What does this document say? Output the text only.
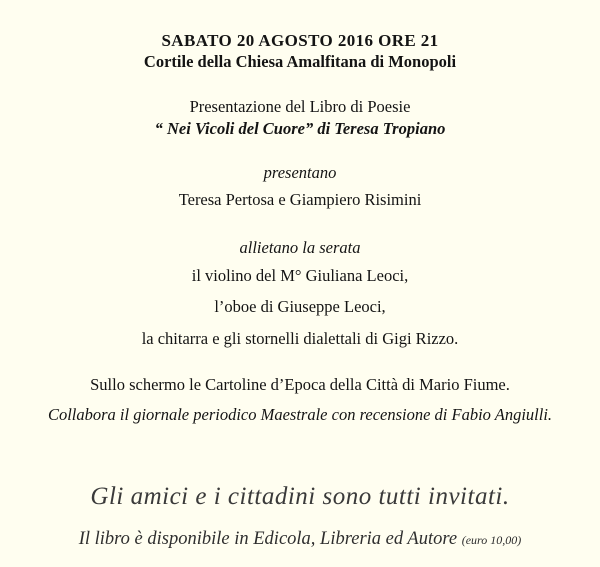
SABATO 20 AGOSTO 2016 ORE 21
Cortile della Chiesa Amalfitana di Monopoli
Presentazione del Libro di Poesie
“ Nei Vicoli del Cuore” di Teresa Tropiano
presentano
Teresa Pertosa e Giampiero Risimini
allietano la serata
il violino del M° Giuliana Leoci,
l’oboe di Giuseppe Leoci,
la chitarra e gli stornelli dialettali di Gigi Rizzo.
Sullo schermo le Cartoline d’Epoca della Città di Mario Fiume.
Collabora il giornale periodico Maestrale con recensione di Fabio Angiulli.
Gli amici e i cittadini sono tutti invitati.
Il libro è disponibile in Edicola, Libreria ed Autore (euro 10,00)
